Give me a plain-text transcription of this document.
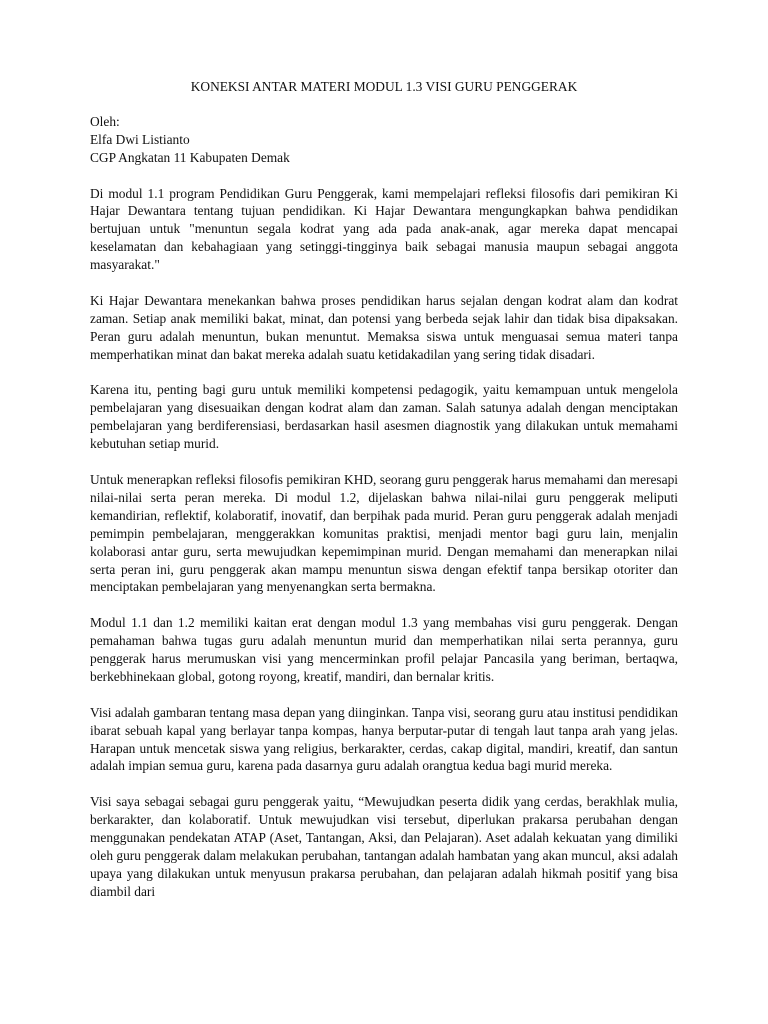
KONEKSI ANTAR MATERI MODUL 1.3 VISI GURU PENGGERAK
Oleh:
Elfa Dwi Listianto
CGP Angkatan 11 Kabupaten Demak

Di modul 1.1 program Pendidikan Guru Penggerak, kami mempelajari refleksi filosofis dari pemikiran Ki Hajar Dewantara tentang tujuan pendidikan. Ki Hajar Dewantara mengungkapkan bahwa pendidikan bertujuan untuk "menuntun segala kodrat yang ada pada anak-anak, agar mereka dapat mencapai keselamatan dan kebahagiaan yang setinggi-tingginya baik sebagai manusia maupun sebagai anggota masyarakat."

Ki Hajar Dewantara menekankan bahwa proses pendidikan harus sejalan dengan kodrat alam dan kodrat zaman. Setiap anak memiliki bakat, minat, dan potensi yang berbeda sejak lahir dan tidak bisa dipaksakan. Peran guru adalah menuntun, bukan menuntut. Memaksa siswa untuk menguasai semua materi tanpa memperhatikan minat dan bakat mereka adalah suatu ketidakadilan yang sering tidak disadari.

Karena itu, penting bagi guru untuk memiliki kompetensi pedagogik, yaitu kemampuan untuk mengelola pembelajaran yang disesuaikan dengan kodrat alam dan zaman. Salah satunya adalah dengan menciptakan pembelajaran yang berdiferensiasi, berdasarkan hasil asesmen diagnostik yang dilakukan untuk memahami kebutuhan setiap murid.

Untuk menerapkan refleksi filosofis pemikiran KHD, seorang guru penggerak harus memahami dan meresapi nilai-nilai serta peran mereka. Di modul 1.2, dijelaskan bahwa nilai-nilai guru penggerak meliputi kemandirian, reflektif, kolaboratif, inovatif, dan berpihak pada murid. Peran guru penggerak adalah menjadi pemimpin pembelajaran, menggerakkan komunitas praktisi, menjadi mentor bagi guru lain, menjalin kolaborasi antar guru, serta mewujudkan kepemimpinan murid. Dengan memahami dan menerapkan nilai serta peran ini, guru penggerak akan mampu menuntun siswa dengan efektif tanpa bersikap otoriter dan menciptakan pembelajaran yang menyenangkan serta bermakna.

Modul 1.1 dan 1.2 memiliki kaitan erat dengan modul 1.3 yang membahas visi guru penggerak. Dengan pemahaman bahwa tugas guru adalah menuntun murid dan memperhatikan nilai serta perannya, guru penggerak harus merumuskan visi yang mencerminkan profil pelajar Pancasila yang beriman, bertaqwa, berkebhinekaan global, gotong royong, kreatif, mandiri, dan bernalar kritis.

Visi adalah gambaran tentang masa depan yang diinginkan. Tanpa visi, seorang guru atau institusi pendidikan ibarat sebuah kapal yang berlayar tanpa kompas, hanya berputar-putar di tengah laut tanpa arah yang jelas. Harapan untuk mencetak siswa yang religius, berkarakter, cerdas, cakap digital, mandiri, kreatif, dan santun adalah impian semua guru, karena pada dasarnya guru adalah orangtua kedua bagi murid mereka.

Visi saya sebagai sebagai guru penggerak yaitu, “Mewujudkan peserta didik yang cerdas, berakhlak mulia, berkarakter, dan kolaboratif. Untuk mewujudkan visi tersebut, diperlukan prakarsa perubahan dengan menggunakan pendekatan ATAP (Aset, Tantangan, Aksi, dan Pelajaran). Aset adalah kekuatan yang dimiliki oleh guru penggerak dalam melakukan perubahan, tantangan adalah hambatan yang akan muncul, aksi adalah upaya yang dilakukan untuk menyusun prakarsa perubahan, dan pelajaran adalah hikmah positif yang bisa diambil dari
